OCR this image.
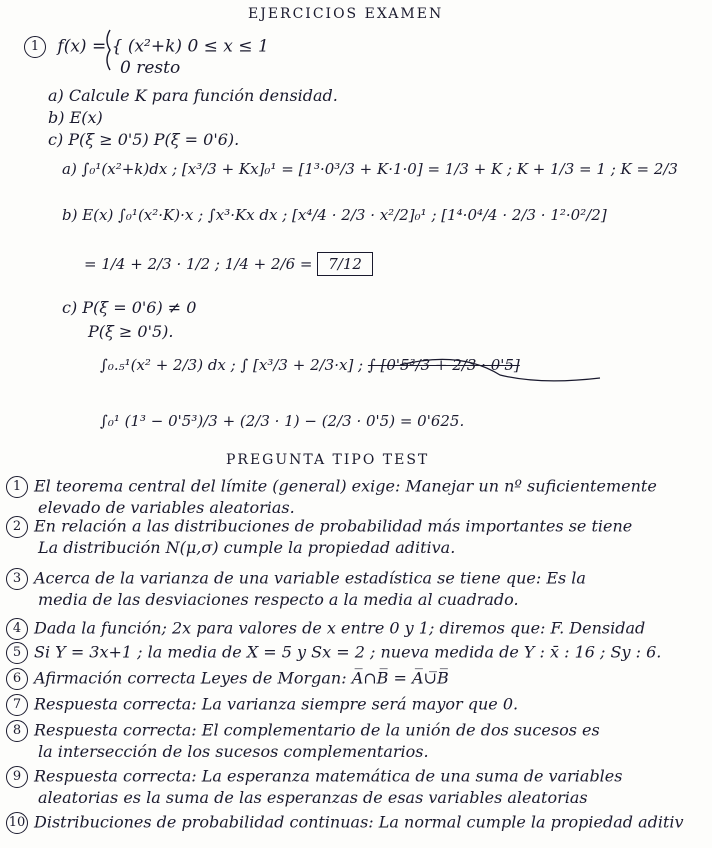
EJERCICIOS EXAMEN
1 f(x) = { (x²+k) 0 ≤ x ≤ 1
0 resto
a) Calcule K para función densidad.
b) E(x)
c) P(ξ ≥ 0'5) P(ξ = 0'6).
a) ∫₀¹(x²+k)dx ; [x³/3 + Kx]₀¹ = [1³·0³/3 + K·1·0] = 1/3 + K ; K + 1/3 = 1 ; K = 2/3
b) E(x) ∫₀¹(x²·K)·x ; ∫x³·Kx dx ; [x⁴/4 · 2/3 · x²/2]₀¹ ; [1⁴·0⁴/4 · 2/3 · 1²·0²/2]
= 1/4 + 2/3 · 1/2 ; 1/4 + 2/6 = 7/12
c) P(ξ = 0'6) ≠ 0
P(ξ ≥ 0'5).
∫₀.₅¹(x² + 2/3) dx ; ∫ [x³/3 + 2/3·x] ; ∫ [0'5³/3 + 2/3 · 0'5]
∫₀¹ (1³ − 0'5³)/3 + (2/3 · 1) − (2/3 · 0'5) = 0'625.
PREGUNTA TIPO TEST
1 El teorema central del límite (general) exige: Manejar un nº suficientemente
elevado de variables aleatorias.
2 En relación a las distribuciones de probabilidad más importantes se tiene
La distribución N(μ,σ) cumple la propiedad aditiva.
3 Acerca de la varianza de una variable estadística se tiene que: Es la
media de las desviaciones respecto a la media al cuadrado.
4 Dada la función; 2x para valores de x entre 0 y 1; diremos que: F. Densidad
5 Si Y = 3x+1 ; la media de X = 5 y Sx = 2 ; nueva medida de Y : x̄ : 16 ; Sy : 6.
6 Afirmación correcta Leyes de Morgan: A̅∩B̅ = A̅∪̅B̅
7 Respuesta correcta: La varianza siempre será mayor que 0.
8 Respuesta correcta: El complementario de la unión de dos sucesos es
la intersección de los sucesos complementarios.
9 Respuesta correcta: La esperanza matemática de una suma de variables
aleatorias es la suma de las esperanzas de esas variables aleatorias
10 Distribuciones de probabilidad continuas: La normal cumple la propiedad aditiv
